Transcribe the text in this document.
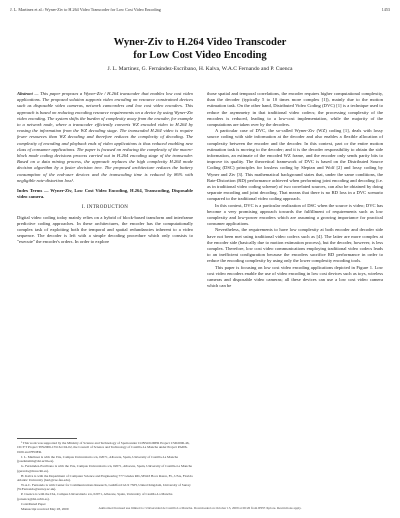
J. L. Martinez et al.: Wyner-Ziv to H.264 Video Transcoder for Low Cost Video Encoding	1453
Wyner-Ziv to H.264 Video Transcoder
for Low Cost Video Encoding
J. L. Martinez, G. Fernández-Escribano, H. Kalva, W.A.C Fernando and P. Cuenca
Abstract — This paper proposes a Wyner-Ziv / H.264 transcoder that enables low cost video applications. The proposed solution supports video encoding on resource constrained devices such as disposable video cameras, network camcorders and low cost video encoders. This approach is based on reducing encoding resource requirements on a device by using Wyner-Ziv video encoding. The system shifts the burden of complexity away from the encoder, for example to a network node, where a transcoder efficiently converts WZ encoded video to H.264 by reusing the information from the WZ decoding stage. The transcoded H.264 video is require fewer resources than WZ decoding and therefore reduces the complexity of decoding. The complexity of encoding and playback ends of video applications is thus reduced enabling new class of consumer applications. The paper is focused on reducing the complexity of the macro-block mode coding decisions process carried out in H.264 encoding stage of the transcoder. Based on a data mining process, the approach replaces the high complexity H.264 mode decision algorithm by a faster decision tree. The proposed architecture reduces the battery consumption of the end-user devices and the transcoding time is reduced by 86% with negligible rate-distortion loss¹.
Index Terms — Wyner-Ziv, Low Cost Video Encoding, H.264, Transcoding, Disposable video camera.
I. INTRODUCTION

Digital video coding today mainly relies on a hybrid of block-based transform and interframe predictive coding approaches. In these architectures, the encoder has the computationally complex task of exploiting both the temporal and spatial redundancies inherent to a video sequence. The decoder is left with a simple decoding procedure which only consists to "execute" the encoder's orders. In order to explore

those spatial and temporal correlations, the encoder requires higher computational complexity, than the decoder (typically 5 to 10 times more complex [1]), mainly due to the motion estimation task. On the other hand, Distributed Video Coding (DVC) [1] is a technique used to reduce the asymmetry in that traditional video codecs; the processing complexity of the encoders is reduced, leading to a low-cost implementation, while the majority of the computations are taken over by the decoders.

A particular case of DVC, the so-called Wyner-Ziv (WZ) coding [1], deals with lossy source coding with side information at the decoder and also enables a flexible allocation of complexity between the encoder and the decoder. In this context, part or the entire motion estimation task is moving to the decoder; and it is the decoder responsibility to obtain the side information, an estimate of the encoded WZ frame, and the encoder only sends parity bits to improve its quality. The theoretical framework of DVC is based on the Distributed Source Coding (DSC) principles for lossless coding by Slepian and Wolf [2] and lossy coding by Wyner and Ziv [3]. This mathematical background states that, under the same conditions, the Rate-Distortion (RD) performance achieved when performing joint encoding and decoding (i.e. as in traditional video coding scheme) of two correlated sources, can also be obtained by doing separate encoding and joint decoding. That means that there is no RD loss in a DVC scenario compared to the traditional video coding approach.

In this context, DVC is a particular realization of DSC when the source is video; DVC has become a very promising approach towards the fulfillment of requirements such as low complexity and low-power encoders which are assuming a growing importance for practical consumer applications.

Nevertheless, the requirements to have low complexity at both encoder and decoder side have not been met using traditional video codecs such as [4]. The latter are more complex at the encoder side (basically due to motion estimation process), but the decoder, however, is less complex. Therefore, low cost video communications employing traditional video codecs leads to an inefficient configuration because the encoders sacrifice RD performance in order to reduce the encoding complexity by using only the lower complexity encoding tools.

This paper is focusing on low cost video encoding applications depicted in Figure 1. Low cost video encoders enable the use of video encoding in low cost devices such as toys, wireless cameras and disposable video cameras; all these devices can use a low cost video camera which can be

¹ This work was supported by the Ministry of Science and Technology of Spain under CONSOLIDER Project CSD2006-46, CICYT Project TIN2006-15516-C04-02, the Council of Science and Technology of Castilla-La Mancha under Project PAI06-0106 and FEDER.

J. L. Martinez is with the I3A, Campus Universitario s/n, 02071, Albacete, Spain, University of Castilla-La Mancha (joseluismm@dsi.uclm.es).

G. Fernández-Escribano is with the I3A, Campus Universitario s/n, 02071, Albacete, Spain, University of Castilla-La Mancha (gerardo@dsi.uclm.es).

H. Kalva is with the Department of Computer Science and Engineering 777 Glades RD.,SE#43 Boca Raton, FL, USA, Florida Atlantic University (hari@cse.fau.edu).

W.A.C. Fernando is with Center for Communications Research, Guildford GU2 7XH, United Kingdom, University of Surrey (W.Fernando@surrey.ac.uk).

P. Cuenca is with the I3A, Campus Universitario s/n, 02071, Albacete, Spain, University of Castilla-La Mancha (pcuenca@dsi.uclm.es).

Contributed Paper

Manuscript received May 28, 2009	Authorized licensed use limited to: Universidad de Castilla La Mancha. Downloaded on October 13, 2009 at 06:26 from IEEE Xplore. Restrictions apply.
